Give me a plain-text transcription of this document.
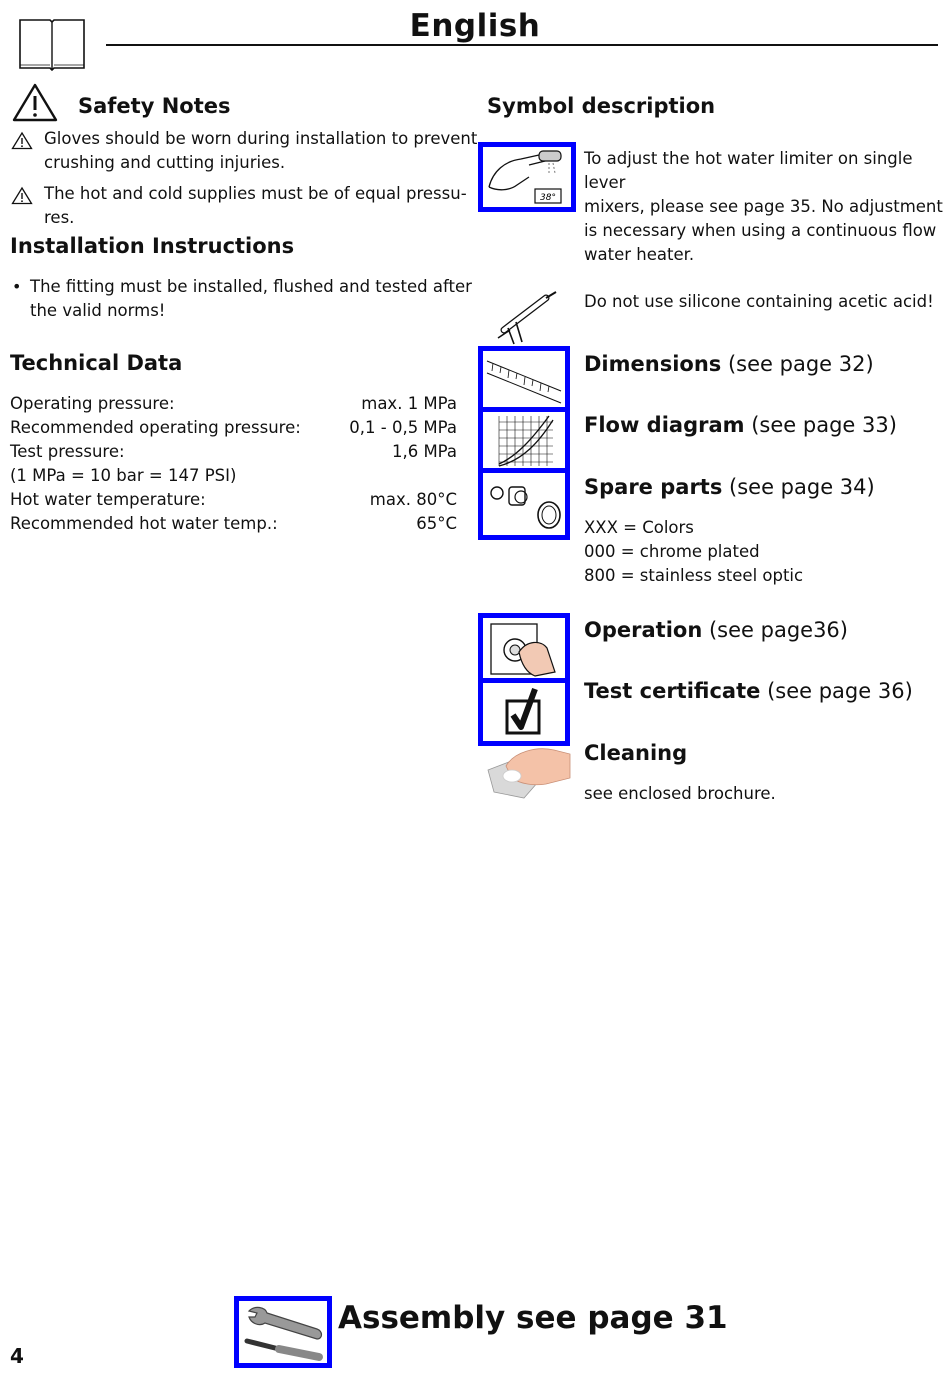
English
Safety Notes
Gloves should be worn during installation to prevent
crushing and cutting injuries.
The hot and cold supplies must be of equal pressu-
res.
Installation Instructions
• The fitting must be installed, flushed and tested after
the valid norms!
Technical Data
Operating pressure:	max. 1 MPa
Recommended operating pressure:	0,1 - 0,5 MPa
Test pressure:	1,6 MPa
(1 MPa = 10 bar = 147 PSI)
Hot water temperature:	max. 80°C
Recommended hot water temp.:	65°C
Symbol description
38°
To adjust the hot water limiter on single lever
mixers, please see page 35. No adjustment
is necessary when using a continuous flow
water heater.
Do not use silicone containing acetic acid!
Dimensions (see page 32)
Flow diagram (see page 33)
Spare parts (see page 34)
XXX = Colors
000 = chrome plated
800 = stainless steel optic
Operation (see page36)
Test certificate (see page 36)
Cleaning
see enclosed brochure.
Assembly see page 31
4
